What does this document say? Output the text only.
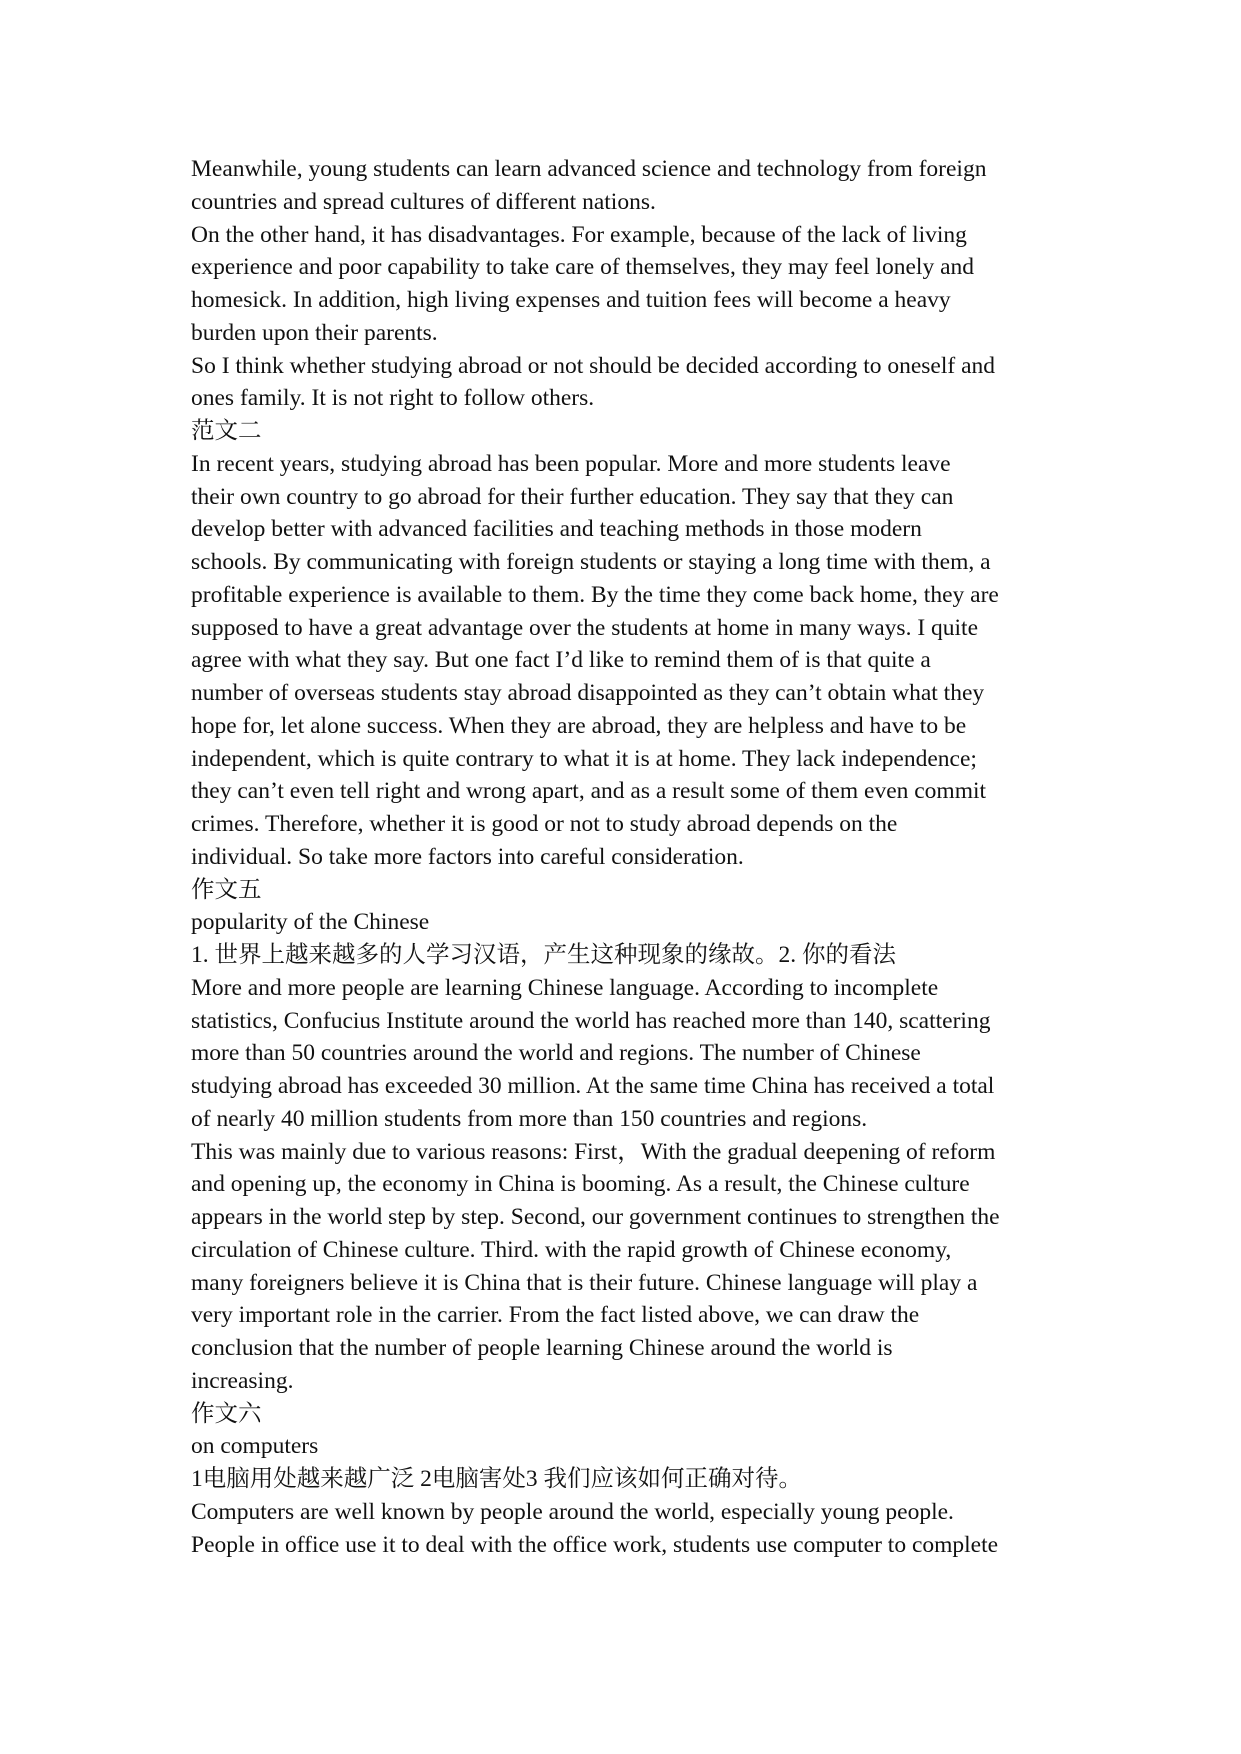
Meanwhile, young students can learn advanced science and technology from foreign
countries and spread cultures of different nations.
On the other hand, it has disadvantages. For example, because of the lack of living
experience and poor capability to take care of themselves, they may feel lonely and
homesick. In addition, high living expenses and tuition fees will become a heavy
burden upon their parents.
So I think whether studying abroad or not should be decided according to oneself and
ones family. It is not right to follow others.
范文二
In recent years, studying abroad has been popular. More and more students leave
their own country to go abroad for their further education. They say that they can
develop better with advanced facilities and teaching methods in those modern
schools. By communicating with foreign students or staying a long time with them, a
profitable experience is available to them. By the time they come back home, they are
supposed to have a great advantage over the students at home in many ways. I quite
agree with what they say. But one fact I’d like to remind them of is that quite a
number of overseas students stay abroad disappointed as they can’t obtain what they
hope for, let alone success. When they are abroad, they are helpless and have to be
independent, which is quite contrary to what it is at home. They lack independence;
they can’t even tell right and wrong apart, and as a result some of them even commit
crimes. Therefore, whether it is good or not to study abroad depends on the
individual. So take more factors into careful consideration.
作文五
popularity of the Chinese
1. 世界上越来越多的人学习汉语，产生这种现象的缘故。2. 你的看法
More and more people are learning Chinese language. According to incomplete
statistics, Confucius Institute around the world has reached more than 140, scattering
more than 50 countries around the world and regions. The number of Chinese
studying abroad has exceeded 30 million. At the same time China has received a total
of nearly 40 million students from more than 150 countries and regions.
This was mainly due to various reasons: First，With the gradual deepening of reform
and opening up, the economy in China is booming. As a result, the Chinese culture
appears in the world step by step. Second, our government continues to strengthen the
circulation of Chinese culture. Third. with the rapid growth of Chinese economy,
many foreigners believe it is China that is their future. Chinese language will play a
very important role in the carrier. From the fact listed above, we can draw the
conclusion that the number of people learning Chinese around the world is
increasing.
作文六
on computers
1电脑用处越来越广泛 2电脑害处3 我们应该如何正确对待。
Computers are well known by people around the world, especially young people.
People in office use it to deal with the office work, students use computer to complete
